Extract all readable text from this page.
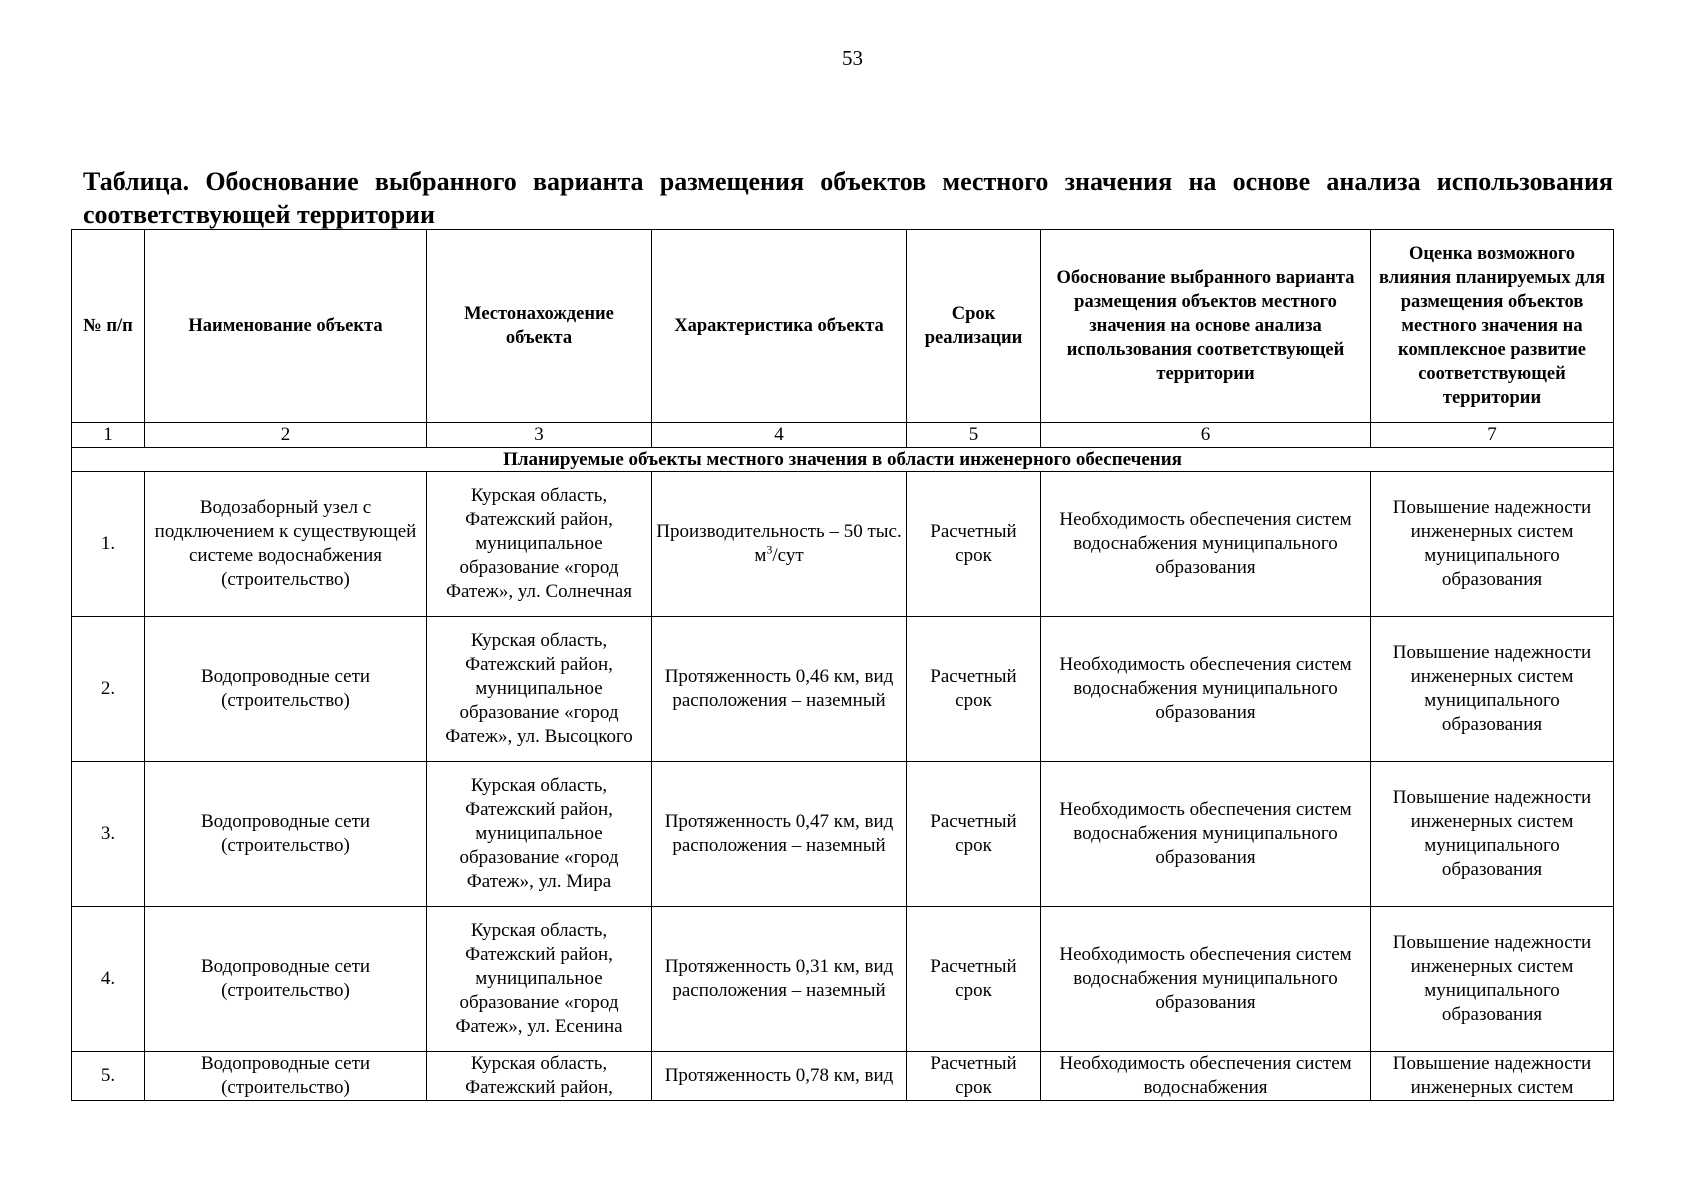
53
Таблица. Обоснование выбранного варианта размещения объектов местного значения на основе анализа использования соответствующей территории
№ п/п	Наименование объекта	Местонахождение объекта	Характеристика объекта	Срок реализации	Обоснование выбранного варианта размещения объектов местного значения на основе анализа использования соответствующей территории	Оценка возможного влияния планируемых для размещения объектов местного значения на комплексное развитие соответствующей территории
1	2	3	4	5	6	7
Планируемые объекты местного значения в области инженерного обеспечения						
1.	Водозаборный узел с подключением к существующей системе водоснабжения (строительство)	Курская область, Фатежский район, муниципальное образование «город Фатеж», ул. Солнечная	Производительность – 50 тыс. $м^3$/сут	Расчетный срок	Необходимость обеспечения систем водоснабжения муниципального образования	Повышение надежности инженерных систем муниципального образования
2.	Водопроводные сети (строительство)	Курская область, Фатежский район, муниципальное образование «город Фатеж», ул. Высоцкого	Протяженность 0,46 км, вид расположения – наземный	Расчетный срок	Необходимость обеспечения систем водоснабжения муниципального образования	Повышение надежности инженерных систем муниципального образования
3.	Водопроводные сети (строительство)	Курская область, Фатежский район, муниципальное образование «город Фатеж», ул. Мира	Протяженность 0,47 км, вид расположения – наземный	Расчетный срок	Необходимость обеспечения систем водоснабжения муниципального образования	Повышение надежности инженерных систем муниципального образования
4.	Водопроводные сети (строительство)	Курская область, Фатежский район, муниципальное образование «город Фатеж», ул. Есенина	Протяженность 0,31 км, вид расположения – наземный	Расчетный срок	Необходимость обеспечения систем водоснабжения муниципального образования	Повышение надежности инженерных систем муниципального образования
5.	Водопроводные сети (строительство)	Курская область, Фатежский район,	Протяженность 0,78 км, вид	Расчетный срок	Необходимость обеспечения систем водоснабжения	Повышение надежности инженерных систем
